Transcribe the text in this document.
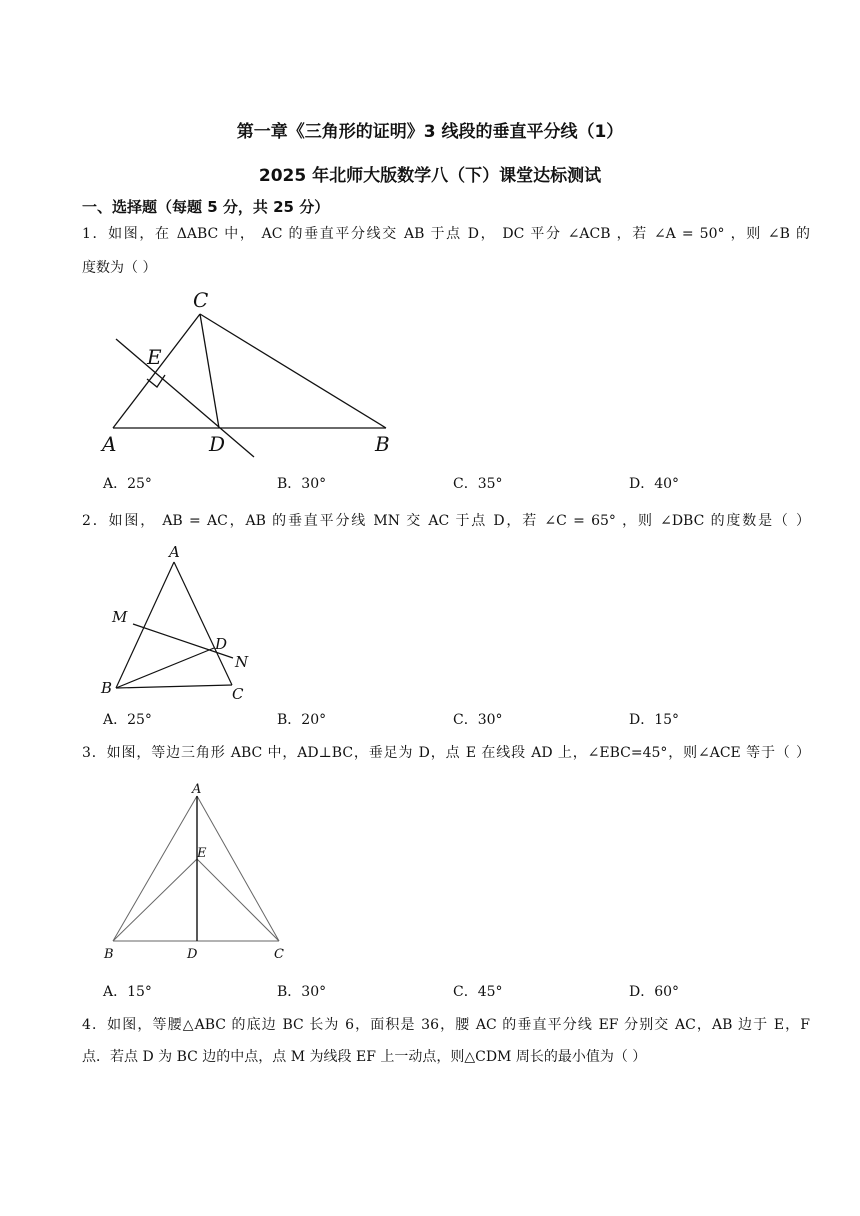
第一章《三角形的证明》3 线段的垂直平分线（1）
2025 年北师大版数学八（下）课堂达标测试
一、选择题（每题 5 分，共 25 分）
1．如图，在 ΔABC 中， AC 的垂直平分线交 AB 于点 D， DC 平分 ∠ACB ，若 ∠A = 50° ，则 ∠B 的
度数为（ ）
A	B
C
D
E
A．25°	B．30°	C．35°	D．40°
2．如图， AB = AC，AB 的垂直平分线 MN 交 AC 于点 D，若 ∠C = 65° ，则 ∠DBC 的度数是（ ）
A
M
D
N
B	C
A．25°	B．20°	C．30°	D．15°
3．如图，等边三角形 ABC 中，AD⊥BC，垂足为 D，点 E 在线段 AD 上，∠EBC=45°，则∠ACE 等于（ ）
A
E
B	D	C
A．15°	B．30°	C．45°	D．60°
4．如图，等腰△ABC 的底边 BC 长为 6，面积是 36，腰 AC 的垂直平分线 EF 分别交 AC，AB 边于 E，F
点．若点 D 为 BC 边的中点，点 M 为线段 EF 上一动点，则△CDM 周长的最小值为（ ）
